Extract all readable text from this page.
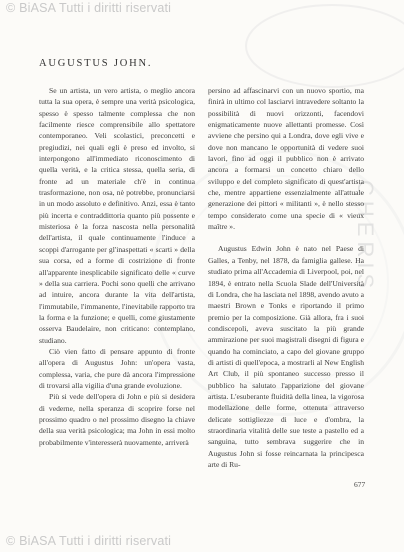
CHERIS
© BiASA Tutti i diritti riservati
AUGUSTUS JOHN.

Se un artista, un vero artista, o meglio ancora tutta la sua opera, è sempre una verità psicologica, spesso è spesso talmente complessa che non facilmente riesce comprensibile allo spettatore contemporaneo. Veli scolastici, preconcetti e pregiudizi, nei quali egli è preso ed involto, si interpongono all'immediato riconoscimento di quella verità, e la critica stessa, quella seria, di fronte ad un materiale ch'è in continua trasformazione, non osa, nè potrebbe, pronunciarsi in un modo assoluto e definitivo. Anzi, essa è tanto più incerta e contraddittoria quanto più possente e misteriosa è la forza nascosta nella personalità dell'artista, il quale continuamente l'induce a scoppi d'arrogante per gl'inaspettati « scarti » della sua corsa, ed a forme di costrizione di fronte all'apparente inesplicabile significato delle « curve » della sua carriera. Pochi sono quelli che arrivano ad intuire, ancora durante la vita dell'artista, l'immutabile, l'immanente, l'inevitabile rapporto tra la forma e la funzione; e quelli, come giustamente osserva Baudelaire, non criticano: contemplano, studiano.

Ciò vien fatto di pensare appunto di fronte all'opera di Augustus John: un'opera vasta, complessa, varia, che pure dà ancora l'impressione di trovarsi alla vigilia d'una grande evoluzione.

Più si vede dell'opera di John e più si desidera di vederne, nella speranza di scoprire forse nel prossimo quadro o nel prossimo disegno la chiave della sua verità psicologica; ma John in essi molto probabilmente v'interesserà nuovamente, arriverà

persino ad affascinarvi con un nuovo sportio, ma finirà in ultimo col lasciarvi intravedere soltanto la possibilità di nuovi orizzonti, facendovi enigmaticamente nuove allettanti promesse. Così avviene che persino qui a Londra, dove egli vive e dove non mancano le opportunità di vedere suoi lavori, fino ad oggi il pubblico non è arrivato ancora a formarsi un concetto chiaro dello sviluppo e del completo significato di quest'artista che, mentre appartiene essenzialmente all'attuale generazione dei pittori « militanti », è nello stesso tempo considerato come una specie di « vieux maître ».

Augustus Edwin John è nato nel Paese di Galles, a Tenby, nel 1878, da famiglia gallese. Ha studiato prima all'Accademia di Liverpool, poi, nel 1894, è entrato nella Scuola Slade dell'Università di Londra, che ha lasciata nel 1898, avendo avuto a maestri Brown e Tonks e riportando il primo premio per la composizione. Già allora, fra i suoi condiscepoli, aveva suscitato la più grande ammirazione per suoi magistrali disegni di figura e quando ha cominciato, a capo del giovane gruppo di artisti di quell'epoca, a mostrarli al New English Art Club, il più spontaneo successo presso il pubblico ha salutato l'apparizione del giovane artista. L'esuberante fluidità della linea, la vigorosa modellazione delle forme, ottenuta attraverso delicate sottigliezze di luce e d'ombra, la straordinaria vitalità delle sue teste a pastello ed a sanguina, tutto sembrava suggerire che in Augustus John si fosse reincarnata la principesca arte di Ru-

677
© BiASA Tutti i diritti riservati
